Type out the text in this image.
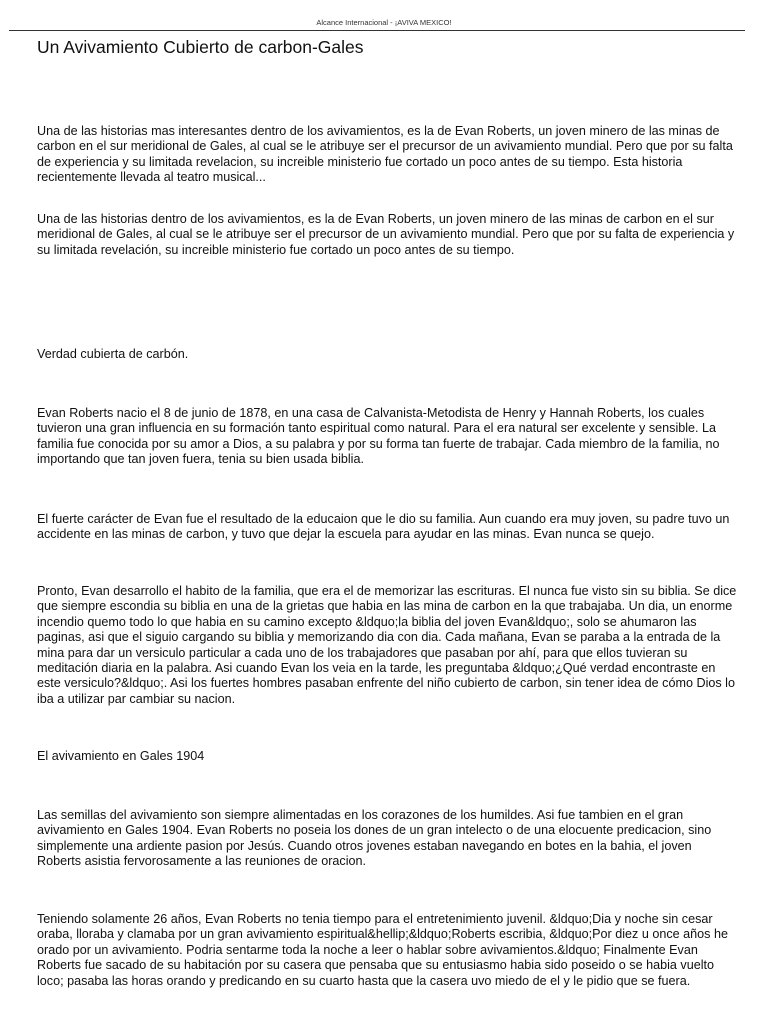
Alcance Internacional - ¡AVIVA MEXICO!
Un Avivamiento Cubierto de carbon-Gales

Una de las historias mas interesantes dentro de los avivamientos, es la de Evan Roberts, un joven minero de las minas de carbon en el sur meridional de Gales, al cual se le atribuye ser el precursor de un avivamiento mundial. Pero que por su falta de experiencia y su limitada revelacion, su increible ministerio fue cortado un poco antes de su tiempo. Esta historia recientemente llevada al teatro musical...

Una de las historias dentro de los avivamientos, es la de Evan Roberts, un joven minero de las minas de carbon en el sur meridional de Gales, al cual se le atribuye ser el precursor de un avivamiento mundial. Pero que por su falta de experiencia y su limitada revelación, su increible ministerio fue cortado un poco antes de su tiempo.

Verdad cubierta de carbón.

Evan Roberts nacio el 8 de junio de 1878, en una casa de Calvanista-Metodista de Henry y Hannah Roberts, los cuales tuvieron una gran influencia en su formación tanto espiritual como natural. Para el era natural ser excelente y sensible. La familia fue conocida por su amor a Dios, a su palabra y por su forma tan fuerte de trabajar. Cada miembro de la familia, no importando que tan joven fuera, tenia su bien usada biblia.

El fuerte carácter de Evan fue el resultado de la educaion que le dio su familia. Aun cuando era muy joven, su padre tuvo un accidente en las minas de carbon, y tuvo que dejar la escuela para ayudar en las minas. Evan nunca se quejo.

Pronto, Evan desarrollo el habito de la familia, que era el de memorizar las escrituras. El nunca fue visto sin su biblia. Se dice que siempre escondia su biblia en una de la grietas que habia en las mina de carbon en la que trabajaba. Un dia, un enorme incendio quemo todo lo que habia en su camino excepto &ldquo;la biblia del joven Evan&ldquo;, solo se ahumaron las paginas, asi que el siguio cargando su biblia y memorizando dia con dia. Cada mañana, Evan se paraba a la entrada de la mina para dar un versiculo particular a cada uno de los trabajadores que pasaban por ahí, para que ellos tuvieran su meditación diaria en la palabra. Asi cuando Evan los veia en la tarde, les preguntaba &ldquo;¿Qué verdad encontraste en este versiculo?&ldquo;. Asi los fuertes hombres pasaban enfrente del niño cubierto de carbon, sin tener idea de cómo Dios lo iba a utilizar par cambiar su nacion.

El avivamiento en Gales 1904

Las semillas del avivamiento son siempre alimentadas en los corazones de los humildes. Asi fue tambien en el gran avivamiento en Gales 1904. Evan Roberts no poseia los dones de un gran intelecto o de una elocuente predicacion, sino simplemente una ardiente pasion por Jesús. Cuando otros jovenes estaban navegando en botes en la bahia, el joven Roberts asistia fervorosamente a las reuniones de oracion.

Teniendo solamente 26 años, Evan Roberts no tenia tiempo para el entretenimiento juvenil. &ldquo;Dia y noche sin cesar oraba, lloraba y clamaba por un gran avivamiento espiritual&hellip;&ldquo;Roberts escribia, &ldquo;Por diez u once años he orado por un avivamiento. Podria sentarme toda la noche a leer o hablar sobre avivamientos.&ldquo; Finalmente Evan Roberts fue sacado de su habitación por su casera que pensaba que su entusiasmo habia sido poseido o se habia vuelto loco; pasaba las horas orando y predicando en su cuarto hasta que la casera uvo miedo de el y le pidio que se fuera.
